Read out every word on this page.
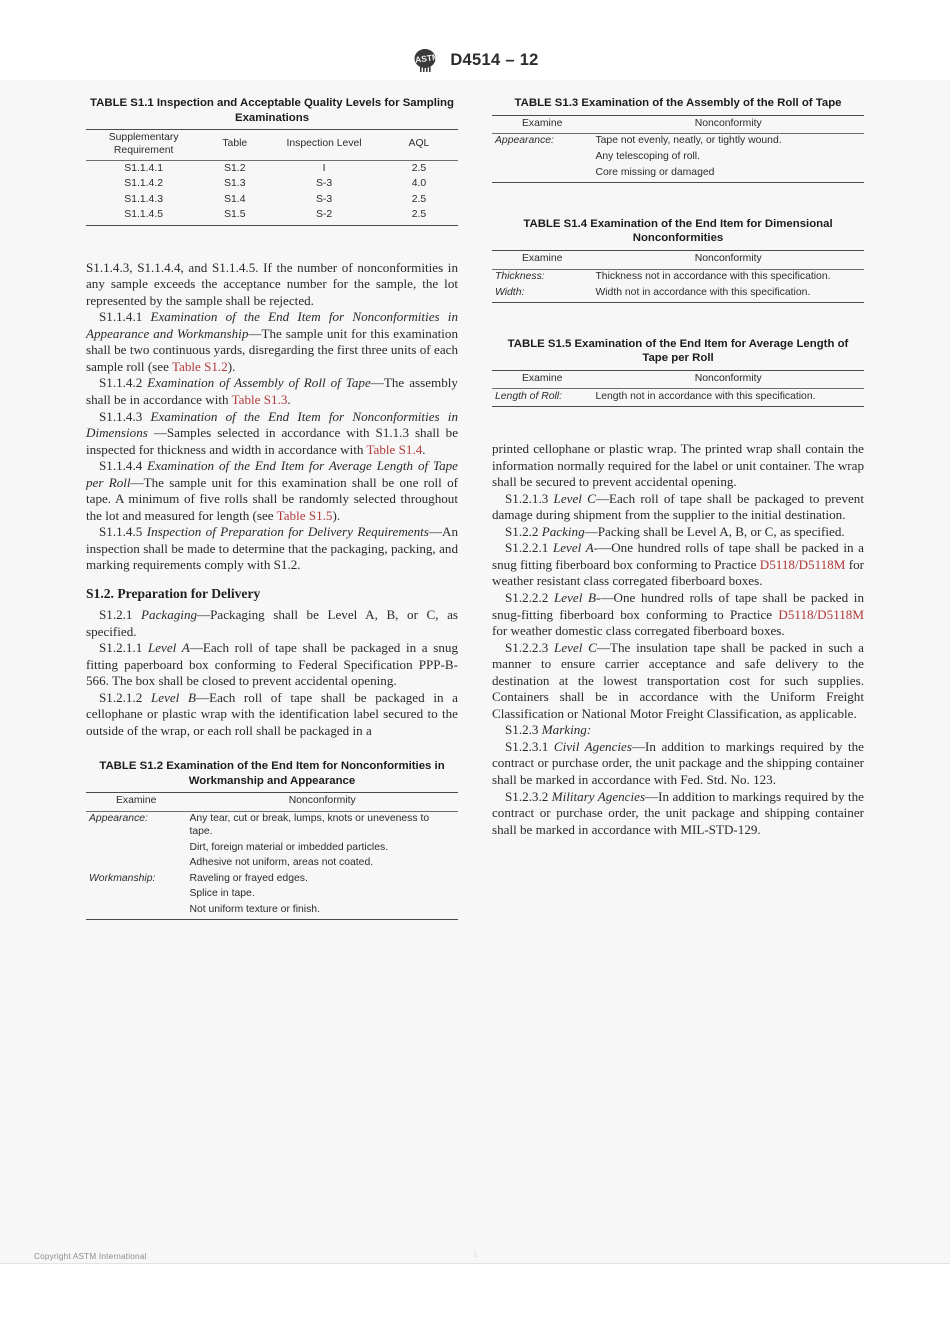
ASTM D4514 – 12
TABLE S1.1 Inspection and Acceptable Quality Levels for Sampling Examinations
Supplementary Requirement	Table	Inspection Level	AQL
S1.1.4.1	S1.2	I	2.5
S1.1.4.2	S1.3	S-3	4.0
S1.1.4.3	S1.4	S-3	2.5
S1.1.4.5	S1.5	S-2	2.5

S1.1.4.3, S1.1.4.4, and S1.1.4.5. If the number of nonconformities in any sample exceeds the acceptance number for the sample, the lot represented by the sample shall be rejected.

S1.1.4.1 Examination of the End Item for Nonconformities in Appearance and Workmanship—The sample unit for this examination shall be two continuous yards, disregarding the first three units of each sample roll (see Table S1.2).

S1.1.4.2 Examination of Assembly of Roll of Tape—The assembly shall be in accordance with Table S1.3.

S1.1.4.3 Examination of the End Item for Nonconformities in Dimensions —Samples selected in accordance with S1.1.3 shall be inspected for thickness and width in accordance with Table S1.4.

S1.1.4.4 Examination of the End Item for Average Length of Tape per Roll—The sample unit for this examination shall be one roll of tape. A minimum of five rolls shall be randomly selected throughout the lot and measured for length (see Table S1.5).

S1.1.4.5 Inspection of Preparation for Delivery Requirements—An inspection shall be made to determine that the packaging, packing, and marking requirements comply with S1.2.

S1.2. Preparation for Delivery

S1.2.1 Packaging—Packaging shall be Level A, B, or C, as specified.

S1.2.1.1 Level A—Each roll of tape shall be packaged in a snug fitting paperboard box conforming to Federal Specification PPP-B-566. The box shall be closed to prevent accidental opening.

S1.2.1.2 Level B—Each roll of tape shall be packaged in a cellophane or plastic wrap with the identification label secured to the outside of the wrap, or each roll shall be packaged in a

TABLE S1.2 Examination of the End Item for Nonconformities in Workmanship and Appearance
Examine	Nonconformity
Appearance:	Any tear, cut or break, lumps, knots or uneveness to tape.
	Dirt, foreign material or imbedded particles.
	Adhesive not uniform, areas not coated.
Workmanship:	Raveling or frayed edges.
	Splice in tape.
	Not uniform texture or finish.
TABLE S1.3 Examination of the Assembly of the Roll of Tape
Examine	Nonconformity
Appearance:	Tape not evenly, neatly, or tightly wound.
	Any telescoping of roll.
	Core missing or damaged
TABLE S1.4 Examination of the End Item for Dimensional Nonconformities
Examine	Nonconformity
Thickness:	Thickness not in accordance with this specification.
Width:	Width not in accordance with this specification.
TABLE S1.5 Examination of the End Item for Average Length of Tape per Roll
Examine	Nonconformity
Length of Roll:	Length not in accordance with this specification.

printed cellophane or plastic wrap. The printed wrap shall contain the information normally required for the label or unit container. The wrap shall be secured to prevent accidental opening.

S1.2.1.3 Level C—Each roll of tape shall be packaged to prevent damage during shipment from the supplier to the initial destination.

S1.2.2 Packing—Packing shall be Level A, B, or C, as specified.

S1.2.2.1 Level A-—One hundred rolls of tape shall be packed in a snug fitting fiberboard box conforming to Practice D5118/D5118M for weather resistant class corregated fiberboard boxes.

S1.2.2.2 Level B-—One hundred rolls of tape shall be packed in snug-fitting fiberboard box conforming to Practice D5118/D5118M for weather domestic class corregated fiberboard boxes.

S1.2.2.3 Level C—The insulation tape shall be packed in such a manner to ensure carrier acceptance and safe delivery to the destination at the lowest transportation cost for such supplies. Containers shall be in accordance with the Uniform Freight Classification or National Motor Freight Classification, as applicable.

S1.2.3 Marking:

S1.2.3.1 Civil Agencies—In addition to markings required by the contract or purchase order, the unit package and the shipping container shall be marked in accordance with Fed. Std. No. 123.

S1.2.3.2 Military Agencies—In addition to markings required by the contract or purchase order, the unit package and shipping container shall be marked in accordance with MIL-STD-129.

Copyright ASTM International	1
